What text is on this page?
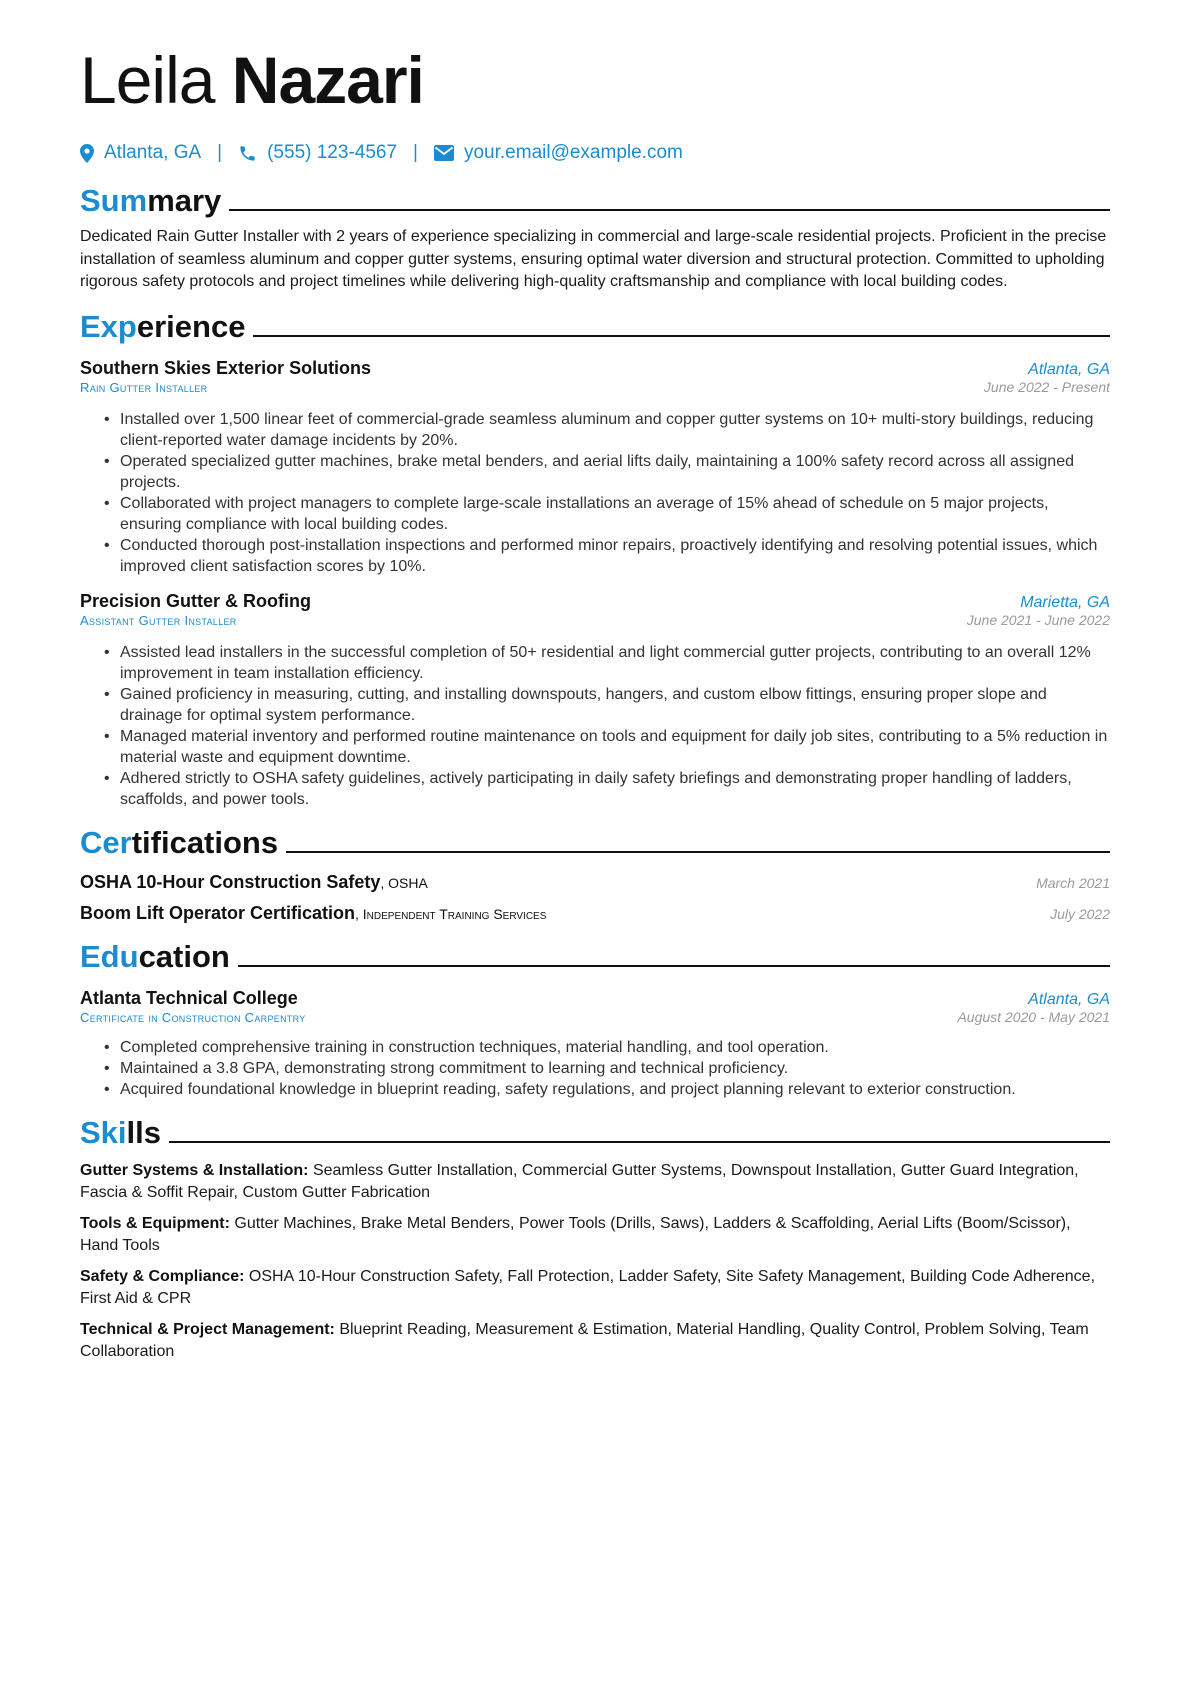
Leila Nazari
Atlanta, GA | (555) 123-4567 | your.email@example.com
Summary

Dedicated Rain Gutter Installer with 2 years of experience specializing in commercial and large-scale residential projects. Proficient in the precise installation of seamless aluminum and copper gutter systems, ensuring optimal water diversion and structural protection. Committed to upholding rigorous safety protocols and project timelines while delivering high-quality craftsmanship and compliance with local building codes.

Experience
Southern Skies Exterior Solutions	Atlanta, GA
Rain Gutter Installer	June 2022 - Present
• Installed over 1,500 linear feet of commercial-grade seamless aluminum and copper gutter systems on 10+ multi-story buildings, reducing client-reported water damage incidents by 20%.
• Operated specialized gutter machines, brake metal benders, and aerial lifts daily, maintaining a 100% safety record across all assigned projects.
• Collaborated with project managers to complete large-scale installations an average of 15% ahead of schedule on 5 major projects, ensuring compliance with local building codes.
• Conducted thorough post-installation inspections and performed minor repairs, proactively identifying and resolving potential issues, which improved client satisfaction scores by 10%.
Precision Gutter & Roofing	Marietta, GA
Assistant Gutter Installer	June 2021 - June 2022
• Assisted lead installers in the successful completion of 50+ residential and light commercial gutter projects, contributing to an overall 12% improvement in team installation efficiency.
• Gained proficiency in measuring, cutting, and installing downspouts, hangers, and custom elbow fittings, ensuring proper slope and drainage for optimal system performance.
• Managed material inventory and performed routine maintenance on tools and equipment for daily job sites, contributing to a 5% reduction in material waste and equipment downtime.
• Adhered strictly to OSHA safety guidelines, actively participating in daily safety briefings and demonstrating proper handling of ladders, scaffolds, and power tools.
Certifications
OSHA 10-Hour Construction Safety, OSHA	March 2021
Boom Lift Operator Certification, Independent Training Services	July 2022
Education
Atlanta Technical College	Atlanta, GA
Certificate in Construction Carpentry	August 2020 - May 2021
• Completed comprehensive training in construction techniques, material handling, and tool operation.
• Maintained a 3.8 GPA, demonstrating strong commitment to learning and technical proficiency.
• Acquired foundational knowledge in blueprint reading, safety regulations, and project planning relevant to exterior construction.
Skills
Gutter Systems & Installation: Seamless Gutter Installation, Commercial Gutter Systems, Downspout Installation, Gutter Guard Integration, Fascia & Soffit Repair, Custom Gutter Fabrication
Tools & Equipment: Gutter Machines, Brake Metal Benders, Power Tools (Drills, Saws), Ladders & Scaffolding, Aerial Lifts (Boom/Scissor), Hand Tools
Safety & Compliance: OSHA 10-Hour Construction Safety, Fall Protection, Ladder Safety, Site Safety Management, Building Code Adherence, First Aid & CPR
Technical & Project Management: Blueprint Reading, Measurement & Estimation, Material Handling, Quality Control, Problem Solving, Team Collaboration
